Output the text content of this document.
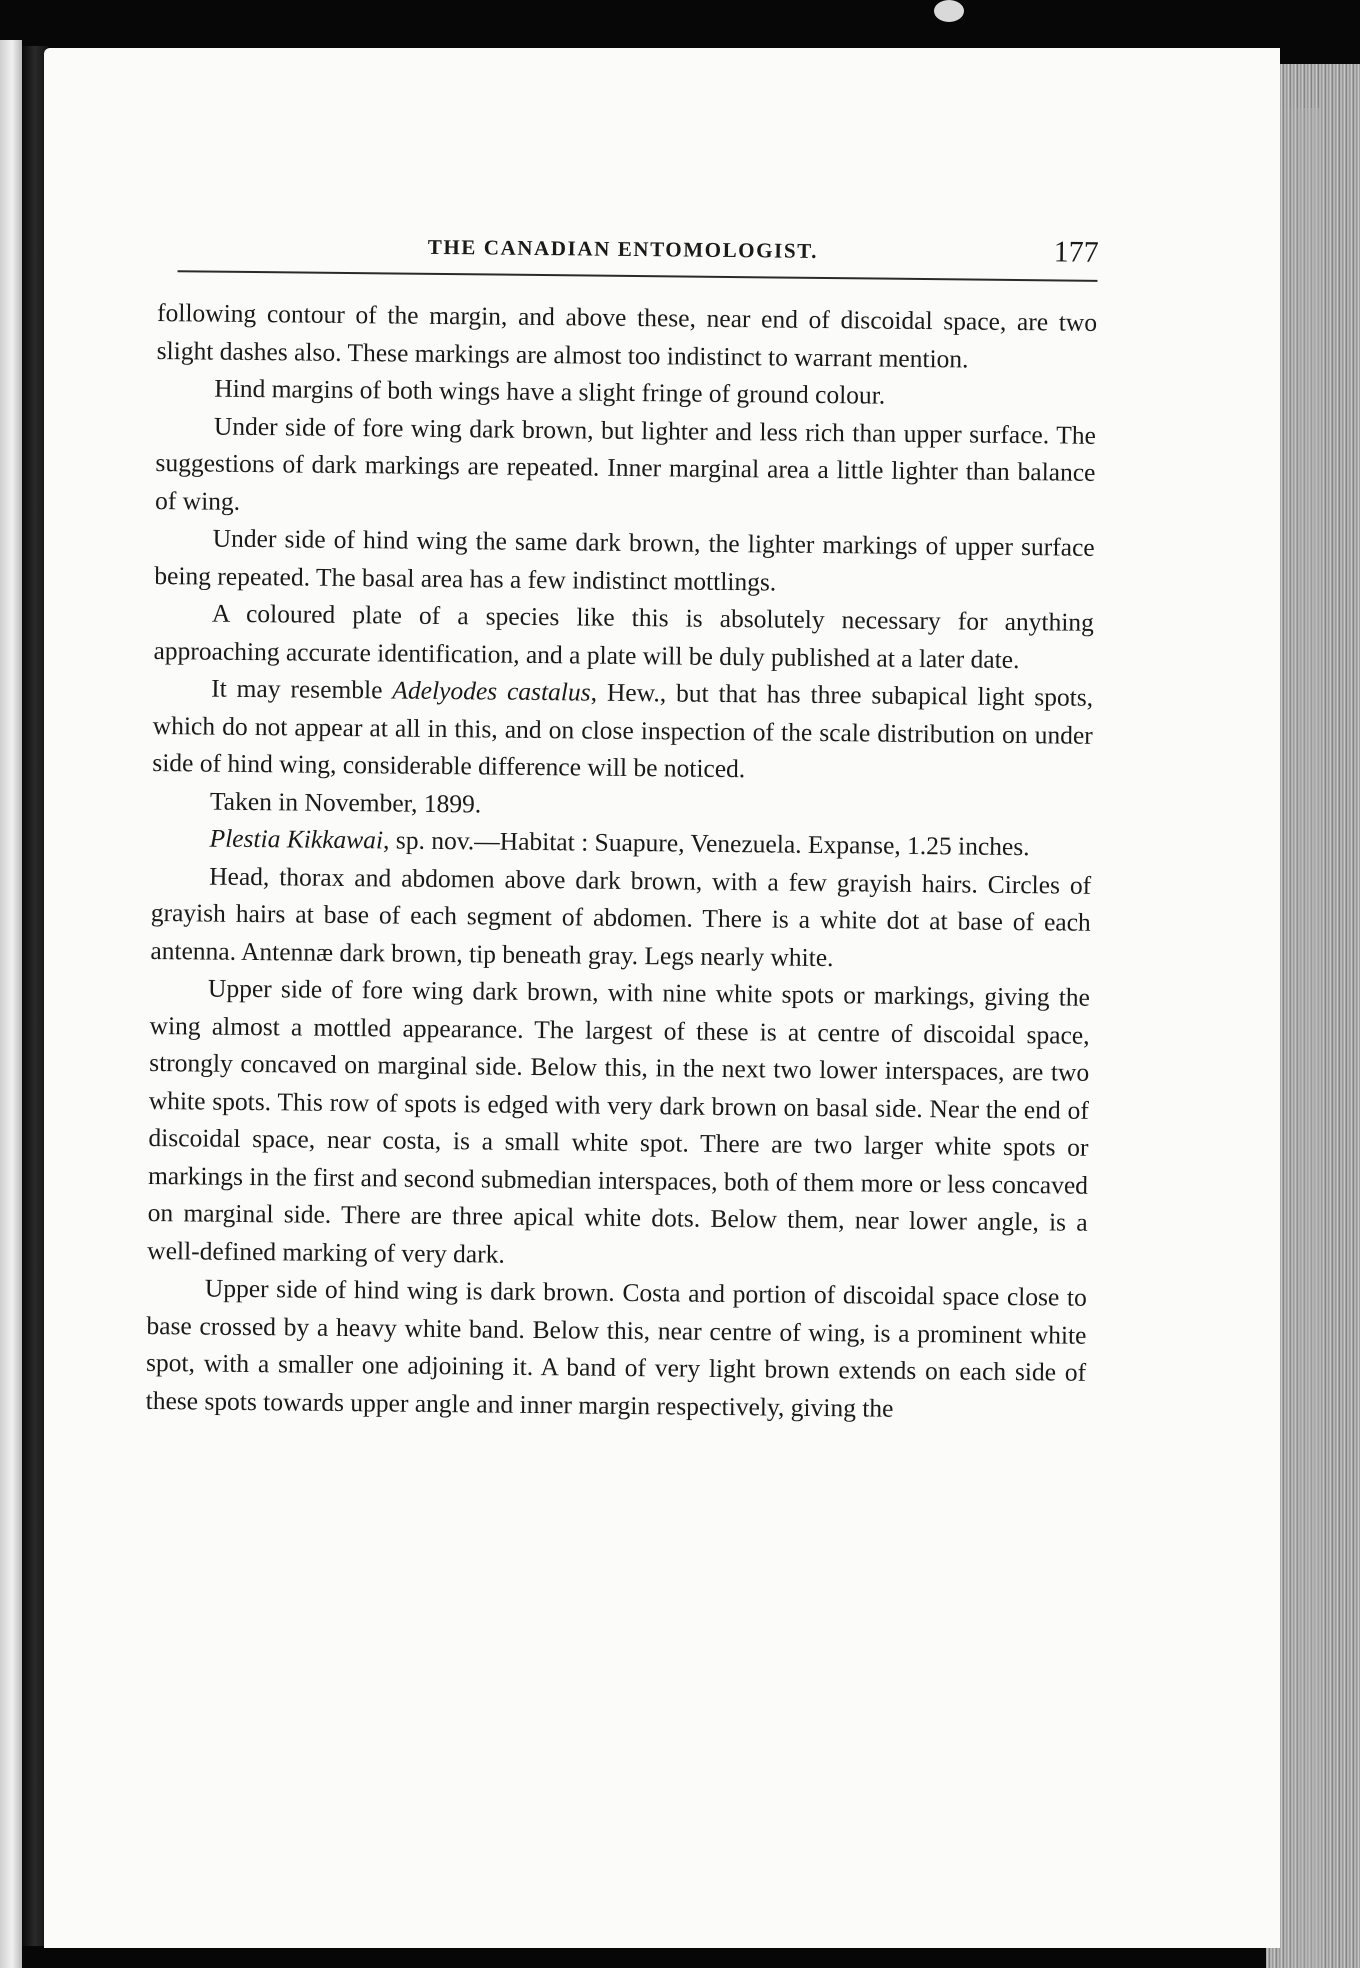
THE CANADIAN ENTOMOLOGIST.	177

following contour of the margin, and above these, near end of discoidal space, are two slight dashes also. These markings are almost too indistinct to warrant mention.

Hind margins of both wings have a slight fringe of ground colour.

Under side of fore wing dark brown, but lighter and less rich than upper surface. The suggestions of dark markings are repeated. Inner marginal area a little lighter than balance of wing.

Under side of hind wing the same dark brown, the lighter markings of upper surface being repeated. The basal area has a few indistinct mottlings.

A coloured plate of a species like this is absolutely necessary for anything approaching accurate identification, and a plate will be duly published at a later date.

It may resemble Adelyodes castalus, Hew., but that has three subapical light spots, which do not appear at all in this, and on close inspection of the scale distribution on under side of hind wing, considerable difference will be noticed.

Taken in November, 1899.

Plestia Kikkawai, sp. nov.—Habitat : Suapure, Venezuela. Expanse, 1.25 inches.

Head, thorax and abdomen above dark brown, with a few grayish hairs. Circles of grayish hairs at base of each segment of abdomen. There is a white dot at base of each antenna. Antennæ dark brown, tip beneath gray. Legs nearly white.

Upper side of fore wing dark brown, with nine white spots or markings, giving the wing almost a mottled appearance. The largest of these is at centre of discoidal space, strongly concaved on marginal side. Below this, in the next two lower interspaces, are two white spots. This row of spots is edged with very dark brown on basal side. Near the end of discoidal space, near costa, is a small white spot. There are two larger white spots or markings in the first and second submedian interspaces, both of them more or less concaved on marginal side. There are three apical white dots. Below them, near lower angle, is a well-defined marking of very dark.

Upper side of hind wing is dark brown. Costa and portion of discoidal space close to base crossed by a heavy white band. Below this, near centre of wing, is a prominent white spot, with a smaller one adjoining it. A band of very light brown extends on each side of these spots towards upper angle and inner margin respectively, giving the
